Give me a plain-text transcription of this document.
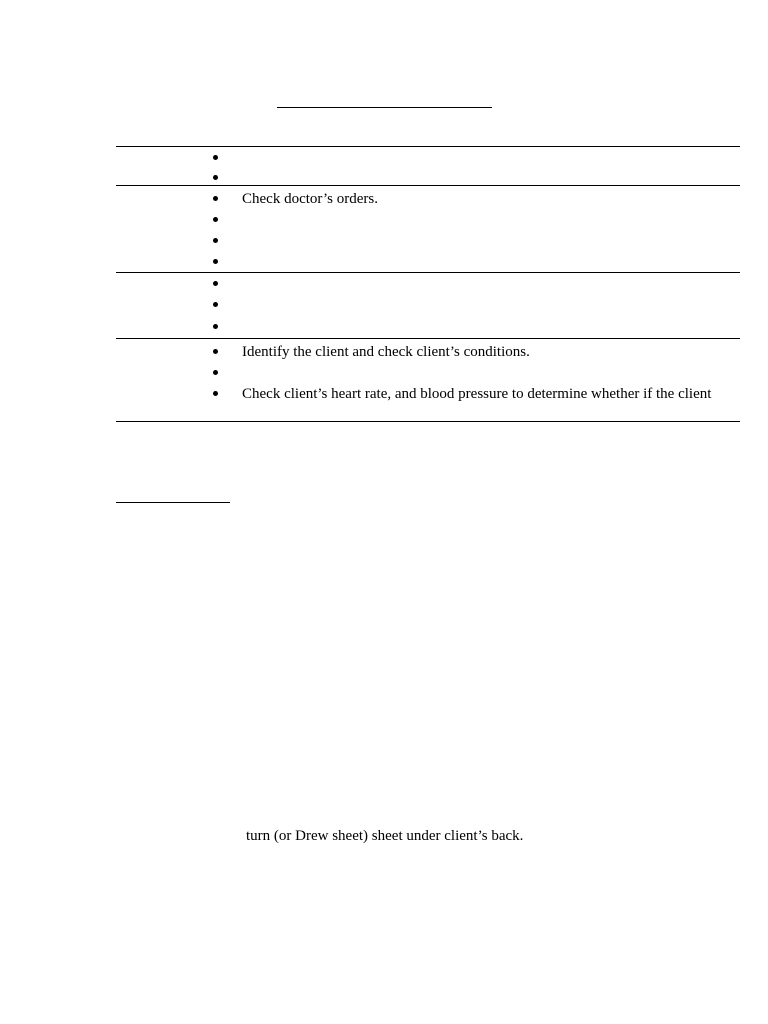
Check doctor’s orders.
Identify the client and check client’s conditions.
Check client’s heart rate, and blood pressure to determine whether if the client
turn (or Drew sheet) sheet under client’s back.
